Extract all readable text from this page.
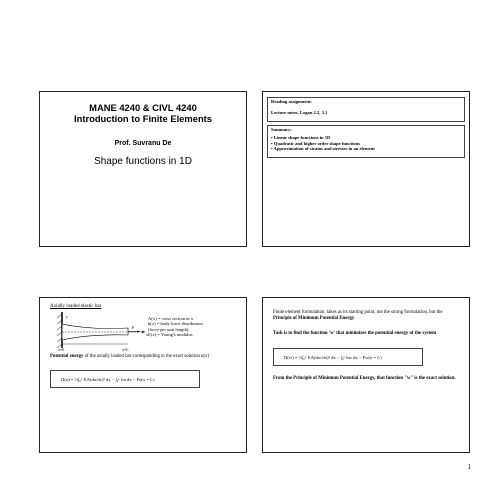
MANE 4240 & CIVL 4240
Introduction to Finite Elements
Prof. Suvranu De
Shape functions in 1D
Reading assignment:
Lecture notes, Logan 2.2, 3.1
Summary:
• Linear shape functions in 1D
• Quadratic and higher order shape functions
• Approximation of strains and stresses in an element
Axially loaded elastic bar
y
x
F
x=0	x=L
A(x) = cross section at x
b(x) = body force distribution
(force per unit length)
E(x) = Young's modulus
Potential energy of the axially loaded bar corresponding to the exact solution u(x)
Π(u) = ½∫₀ᴸ EA(du/dx)² dx − ∫₀ᴸ bu dx − Fu(x = L)
Finite element formulation, takes as its starting point, not the strong formulation, but the Principle of Minimum Potential Energy.
Task is to find the function 'w' that minimizes the potential energy of the system
Π(w) = ½∫₀ᴸ EA(dw/dx)² dx − ∫₀ᴸ bw dx − Fw(x = L)
From the Principle of Minimum Potential Energy, that function "w" is the exact solution.
1
